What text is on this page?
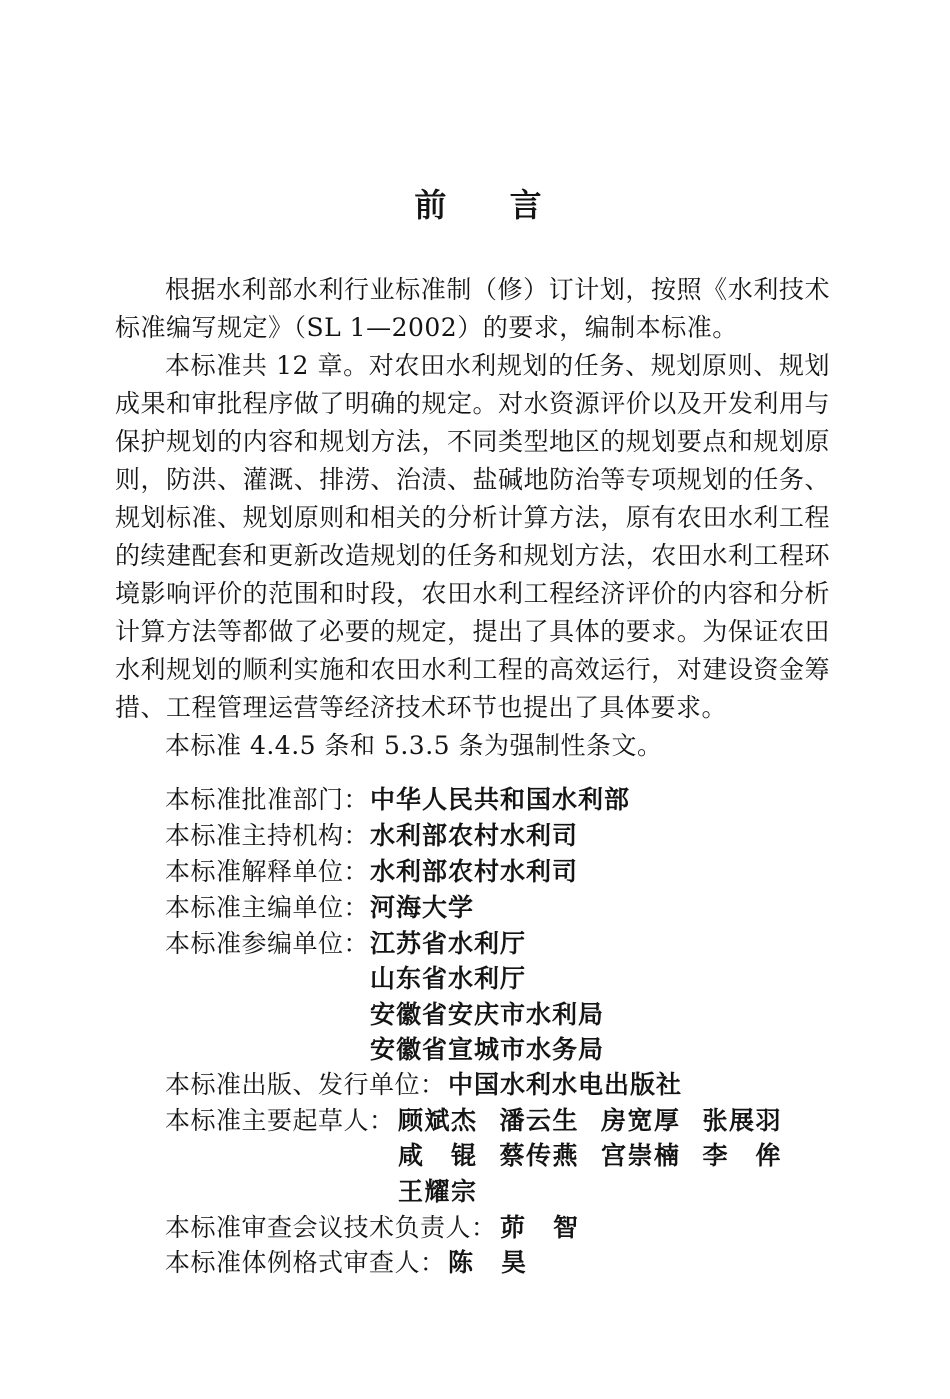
前 言
根据水利部水利行业标准制（修）订计划，按照《水利技术
标准编写规定》（SL 1—2002）的要求，编制本标准。
本标准共 12 章。对农田水利规划的任务、规划原则、规划
成果和审批程序做了明确的规定。对水资源评价以及开发利用与
保护规划的内容和规划方法，不同类型地区的规划要点和规划原
则，防洪、灌溉、排涝、治渍、盐碱地防治等专项规划的任务、
规划标准、规划原则和相关的分析计算方法，原有农田水利工程
的续建配套和更新改造规划的任务和规划方法，农田水利工程环
境影响评价的范围和时段，农田水利工程经济评价的内容和分析
计算方法等都做了必要的规定，提出了具体的要求。为保证农田
水利规划的顺利实施和农田水利工程的高效运行，对建设资金筹
措、工程管理运营等经济技术环节也提出了具体要求。
本标准 4.4.5 条和 5.3.5 条为强制性条文。
本标准批准部门： 中华人民共和国水利部
本标准主持机构： 水利部农村水利司
本标准解释单位： 水利部农村水利司
本标准主编单位： 河海大学
本标准参编单位： 江苏省水利厅
山东省水利厅
安徽省安庆市水利局
安徽省宣城市水务局
本标准出版、发行单位： 中国水利水电出版社
本标准主要起草人： 顾斌杰 潘云生 房宽厚 张展羽
咸 锟 蔡传燕 宫崇楠 李 侔
王耀宗
本标准审查会议技术负责人： 茆 智
本标准体例格式审查人： 陈 昊
